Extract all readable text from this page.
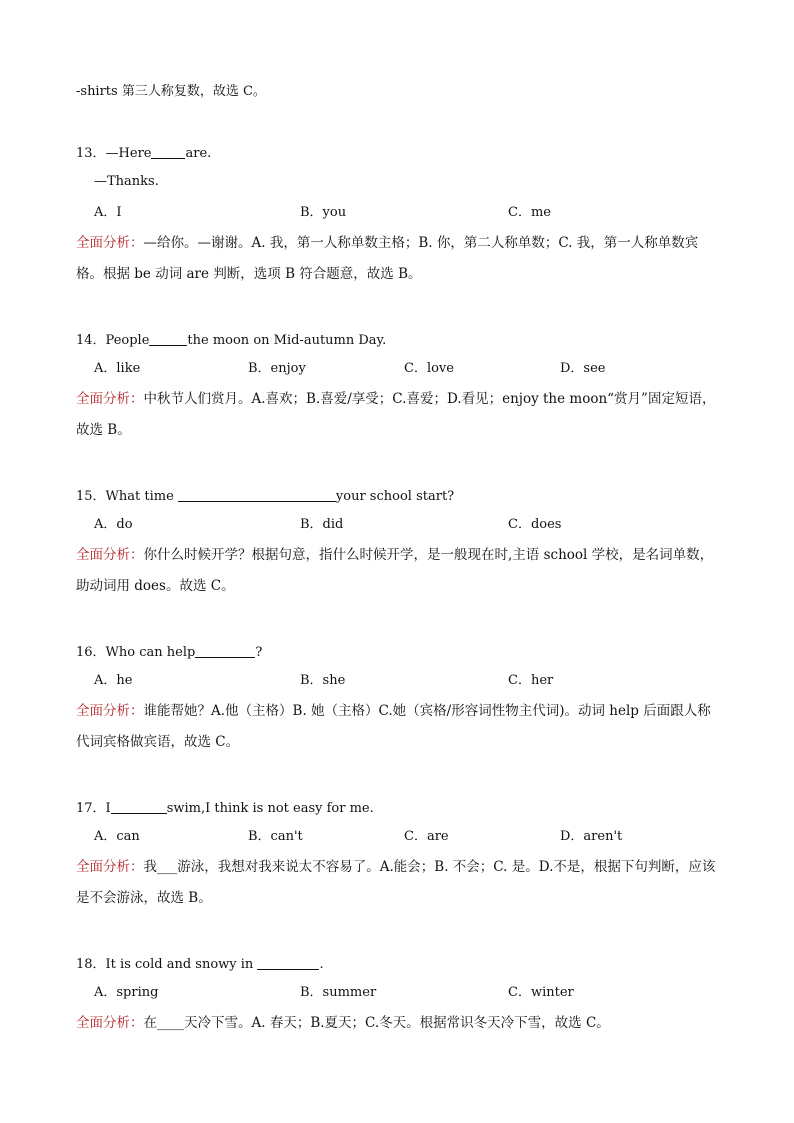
-shirts 第三人称复数，故选 C。
13．—Here	are.
—Thanks.
A．I	B．you	C．me
全面分析：—给你。—谢谢。A. 我，第一人称单数主格；B. 你，第二人称单数；C. 我，第一人称单数宾格。根据 be 动词 are 判断，选项 B 符合题意，故选 B。
14．People	the moon on Mid-autumn Day.
A．like	B．enjoy	C．love	D．see
全面分析：中秋节人们赏月。A.喜欢；B.喜爱/享受；C.喜爱；D.看见；enjoy the moon“赏月”固定短语，故选 B。
15．What time	your school start?
A．do	B．did	C．does
全面分析：你什么时候开学？根据句意，指什么时候开学，是一般现在时,主语 school 学校，是名词单数，助动词用 does。故选 C。
16．Who can help	?
A．he	B．she	C．her
全面分析：谁能帮她？A.他（主格）B. 她（主格）C.她（宾格/形容词性物主代词)。动词 help 后面跟人称代词宾格做宾语，故选 C。
17．I	swim,I think is not easy for me.
A．can	B．can't	C．are	D．aren't
全面分析：我___游泳，我想对我来说太不容易了。A.能会；B. 不会；C. 是。D.不是，根据下句判断，应该是不会游泳，故选 B。
18．It is cold and snowy in	.
A．spring	B．summer	C．winter
全面分析：在____天冷下雪。A. 春天；B.夏天；C.冬天。根据常识冬天冷下雪，故选 C。
